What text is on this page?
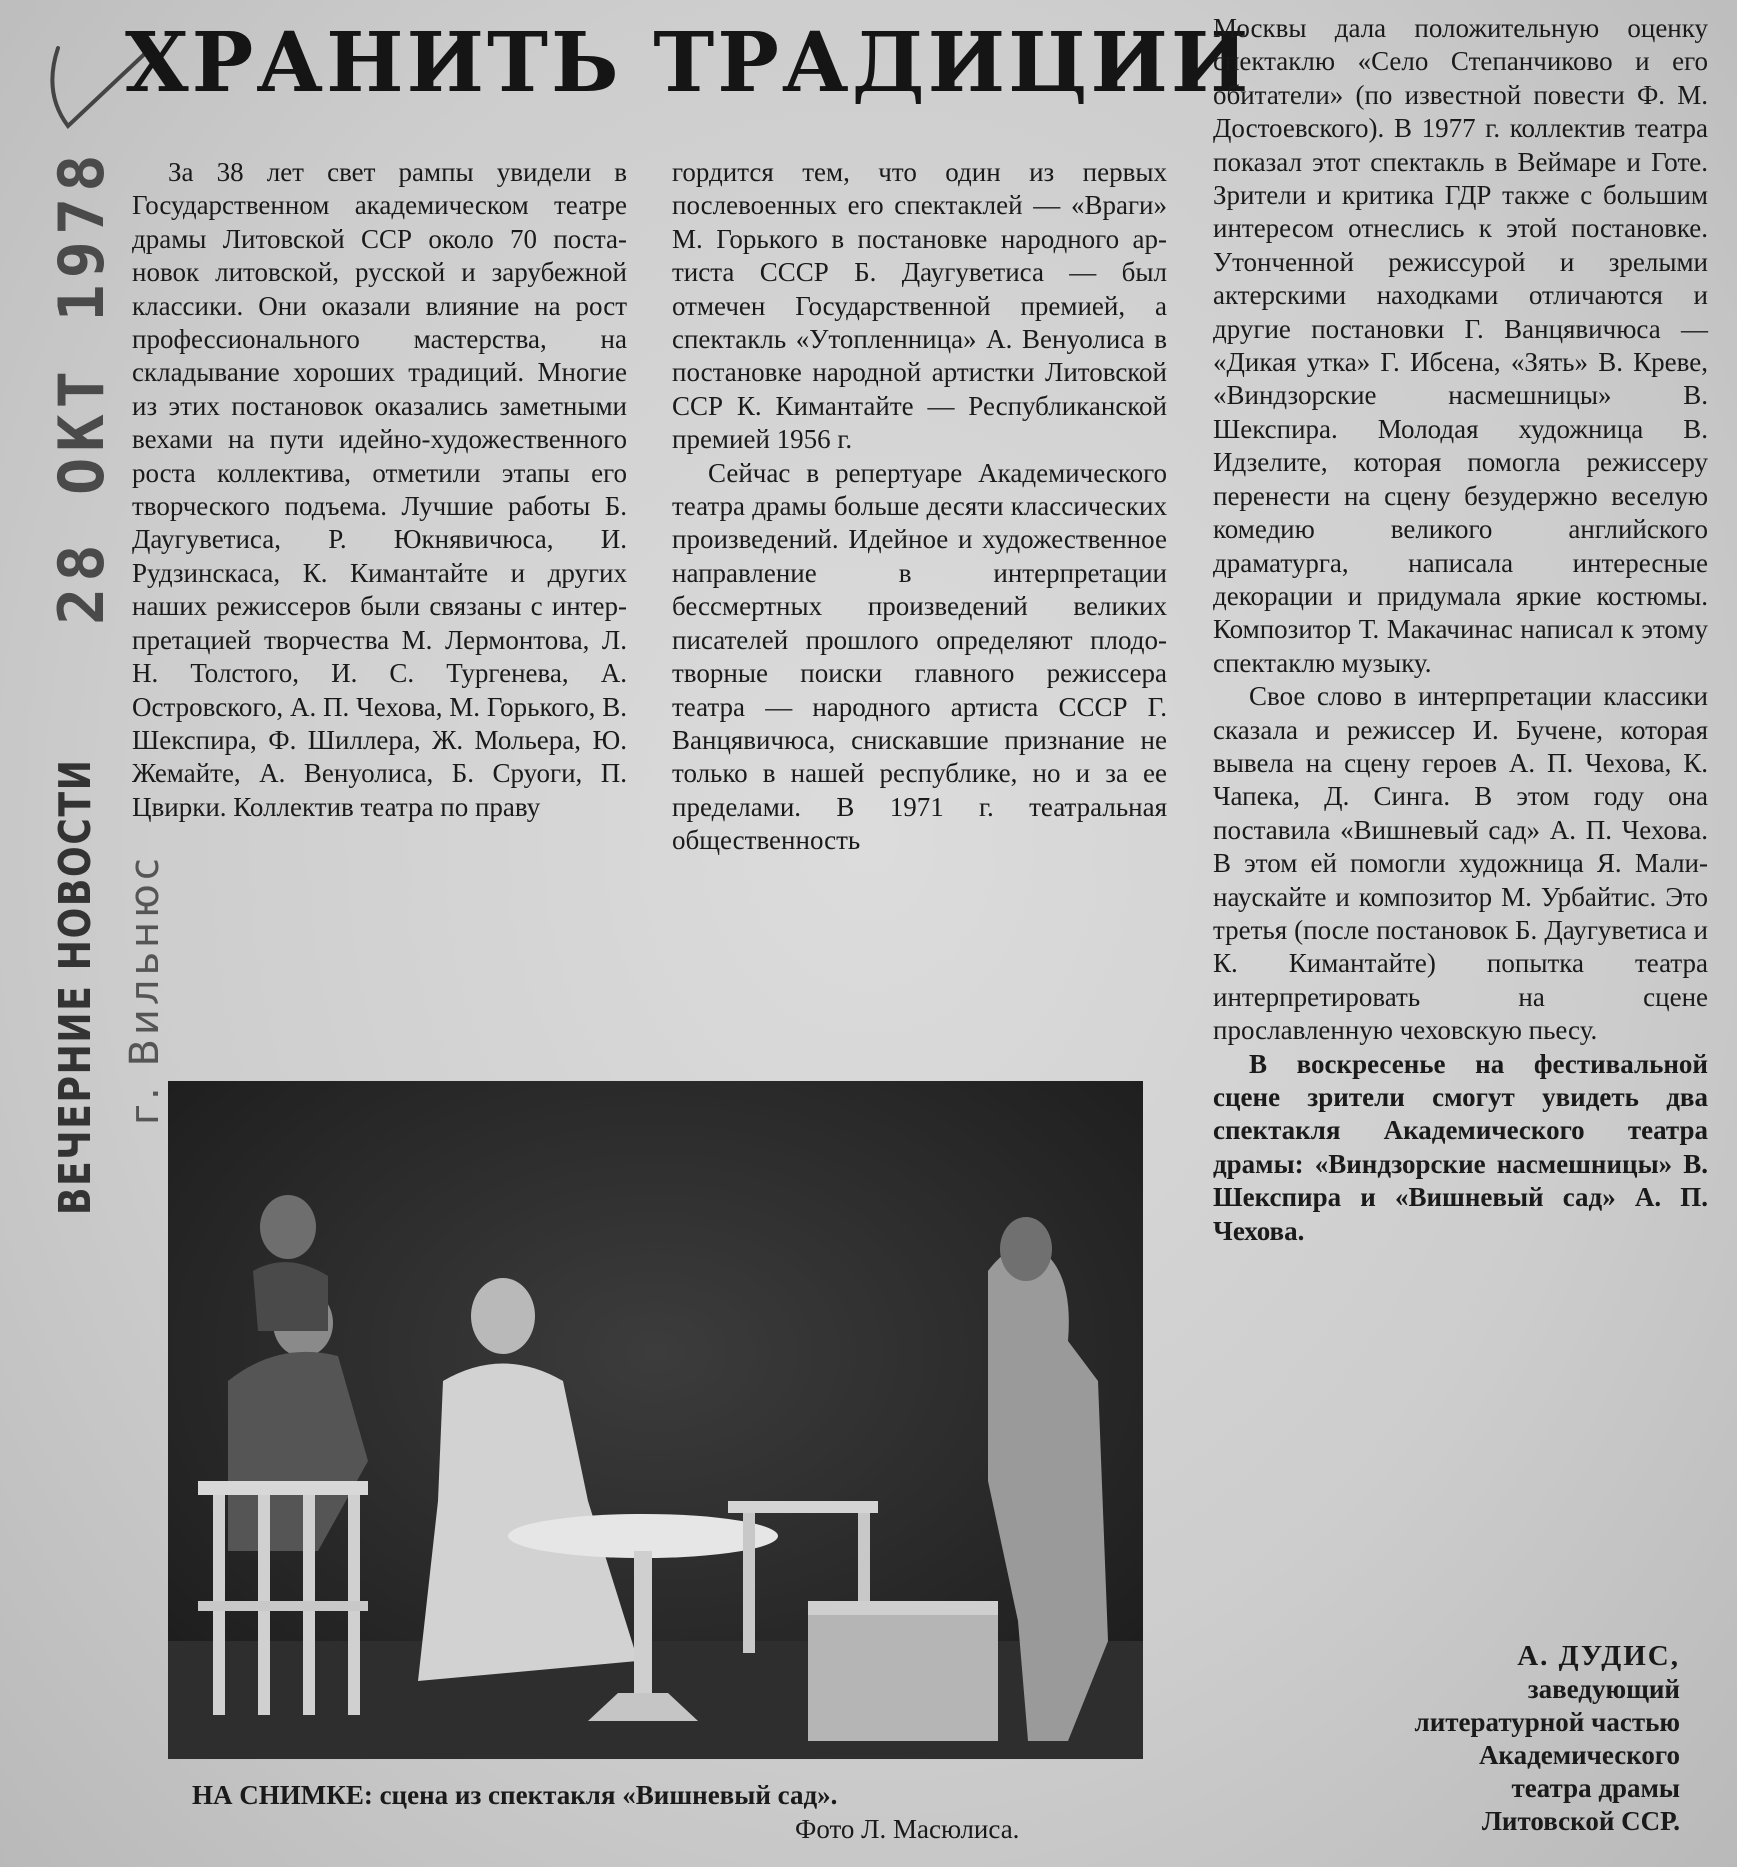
ХРАНИТЬ ТРАДИЦИИ
28 ОКТ 1978
ВЕЧЕРНИЕ НОВОСТИ г. Вильнюс

За 38 лет свет рампы увидели в Государственном академическом театре драмы Литовской ССР около 70 постановок литовской, русской и зарубежной классики. Они оказали влияние на рост профессионального мастерства, на складывание хороших традиций. Многие из этих постановок оказались заметными вехами на пути идейно-художественного роста коллектива, отметили этапы его творческого подъема. Лучшие работы Б. Даугуветиса, Р. Юкнявичюса, И. Рудзинскаса, К. Кимантайте и других наших режиссеров были связаны с интерпретацией творчества М. Лермонтова, Л. Н. Толстого, И. С. Тургенева, А. Островского, А. П. Чехова, М. Горького, В. Шекспира, Ф. Шиллера, Ж. Мольера, Ю. Жемайте, А. Венуолиса, Б. Сруоги, П. Цвирки. Коллектив театра по праву

гордится тем, что один из первых послевоенных его спектаклей — «Враги» М. Горького в постановке народного артиста СССР Б. Даугуветиса — был отмечен Государственной премией, а спектакль «Утопленница» А. Венуолиса в постановке народной артистки Литовской ССР К. Кимантайте — Республиканской премией 1956 г.

Сейчас в репертуаре Академического театра драмы больше десяти классических произведений. Идейное и художественное направление в интерпретации бессмертных произведений великих писателей прошлого определяют плодотворные поиски главного режиссера театра — народного артиста СССР Г. Ванцявичюса, снискавшие признание не только в нашей республике, но и за ее пределами. В 1971 г. театральная общественность

Москвы дала положительную оценку спектаклю «Село Степанчиково и его обитатели» (по известной повести Ф. М. Достоевского). В 1977 г. коллектив театра показал этот спектакль в Веймаре и Готе. Зрители и критика ГДР также с большим интересом отнеслись к этой постановке. Утонченной режиссурой и зрелыми актерскими находками отличаются и другие постановки Г. Ванцявичюса — «Дикая утка» Г. Ибсена, «Зять» В. Креве, «Виндзорские насмешницы» В. Шекспира. Молодая художница В. Идзелите, которая помогла режиссеру перенести на сцену безудержно веселую комедию великого английского драматурга, написала интересные декорации и придумала яркие костюмы. Композитор Т. Макачинас написал к этому спектаклю музыку.

Свое слово в интерпретации классики сказала и режиссер И. Бучене, которая вывела на сцену героев А. П. Чехова, К. Чапека, Д. Синга. В этом году она поставила «Вишневый сад» А. П. Чехова. В этом ей помогли художница Я. Малинаускайте и композитор М. Урбайтис. Это третья (после постановок Б. Даугуветиса и К. Кимантайте) попытка театра интерпретировать на сцене прославленную чеховскую пьесу.

В воскресенье на фестивальной сцене зрители смогут увидеть два спектакля Академического театра драмы: «Виндзорские насмешницы» В. Шекспира и «Вишневый сад» А. П. Чехова.

А. ДУДИС,
заведующий
литературной частью
Академического
театра драмы
Литовской ССР.
НА СНИМКЕ: сцена из спектакля «Вишневый сад».
Фото Л. Масюлиса.
